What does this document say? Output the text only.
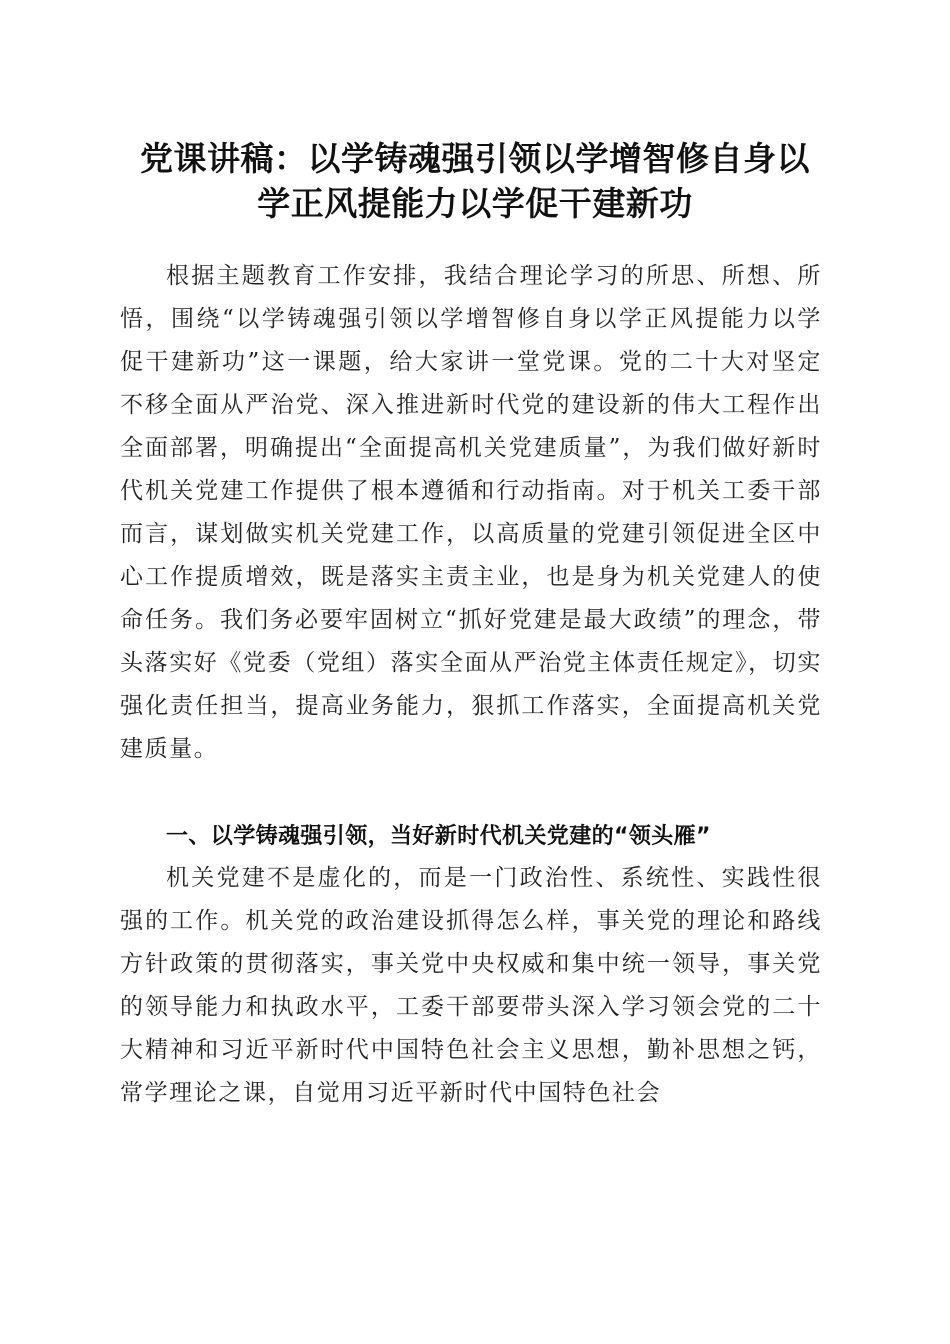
党课讲稿：以学铸魂强引领以学增智修自身以
学正风提能力以学促干建新功

根据主题教育工作安排，我结合理论学习的所思、所想、所悟，围绕“以学铸魂强引领以学增智修自身以学正风提能力以学促干建新功”这一课题，给大家讲一堂党课。党的二十大对坚定不移全面从严治党、深入推进新时代党的建设新的伟大工程作出全面部署，明确提出“全面提高机关党建质量”，为我们做好新时代机关党建工作提供了根本遵循和行动指南。对于机关工委干部而言，谋划做实机关党建工作，以高质量的党建引领促进全区中心工作提质增效，既是落实主责主业，也是身为机关党建人的使命任务。我们务必要牢固树立“抓好党建是最大政绩”的理念，带头落实好《党委（党组）落实全面从严治党主体责任规定》，切实强化责任担当，提高业务能力，狠抓工作落实，全面提高机关党建质量。

一、以学铸魂强引领，当好新时代机关党建的“领头雁”

机关党建不是虚化的，而是一门政治性、系统性、实践性很强的工作。机关党的政治建设抓得怎么样，事关党的理论和路线方针政策的贯彻落实，事关党中央权威和集中统一领导，事关党的领导能力和执政水平，工委干部要带头深入学习领会党的二十大精神和习近平新时代中国特色社会主义思想，勤补思想之钙，常学理论之课，自觉用习近平新时代中国特色社会
